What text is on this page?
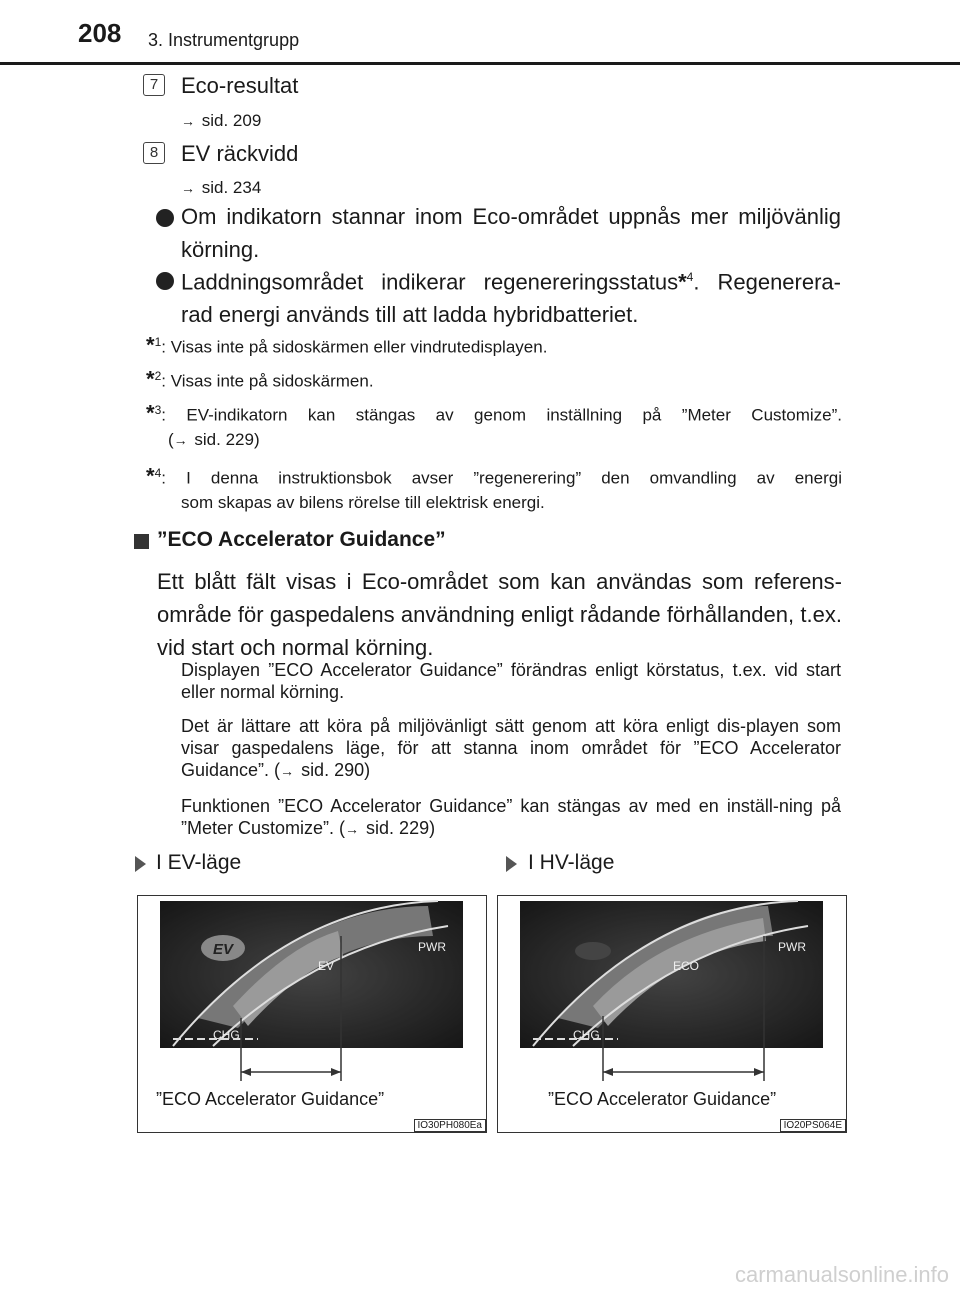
208 3. Instrumentgrupp
7	Eco-resultat
→ sid. 209
8	EV räckvidd
→ sid. 234
Om indikatorn stannar inom Eco-området uppnås mer miljövänlig körning.
Laddningsområdet indikerar regenereringsstatus*$^4$. Regenerera-
rad energi används till att ladda hybridbatteriet.
*$^1$: Visas inte på sidoskärmen eller vindrutedisplayen.
*$^2$: Visas inte på sidoskärmen.
*$^3$: EV-indikatorn kan stängas av genom inställning på ”Meter Customize”.
(→ sid. 229)
*$^4$: I denna instruktionsbok avser ”regenerering” den omvandling av energi
som skapas av bilens rörelse till elektrisk energi.
”ECO Accelerator Guidance”
Ett blått fält visas i Eco-området som kan användas som referens-område för gaspedalens användning enligt rådande förhållanden, t.ex. vid start och normal körning.
Displayen ”ECO Accelerator Guidance” förändras enligt körstatus, t.ex. vid start eller normal körning.
Det är lättare att köra på miljövänligt sätt genom att köra enligt dis-playen som visar gaspedalens läge, för att stanna inom området för ”ECO Accelerator Guidance”. (→ sid. 290)
Funktionen ”ECO Accelerator Guidance” kan stängas av med en inställ-ning på ”Meter Customize”. (→ sid. 229)
I EV-läge	I HV-läge
EV
EV
PWR
CHG
”ECO Accelerator Guidance”
IO30PH080Ea
ECO
PWR
CHG
”ECO Accelerator Guidance”
IO20PS064E
carmanualsonline.info
